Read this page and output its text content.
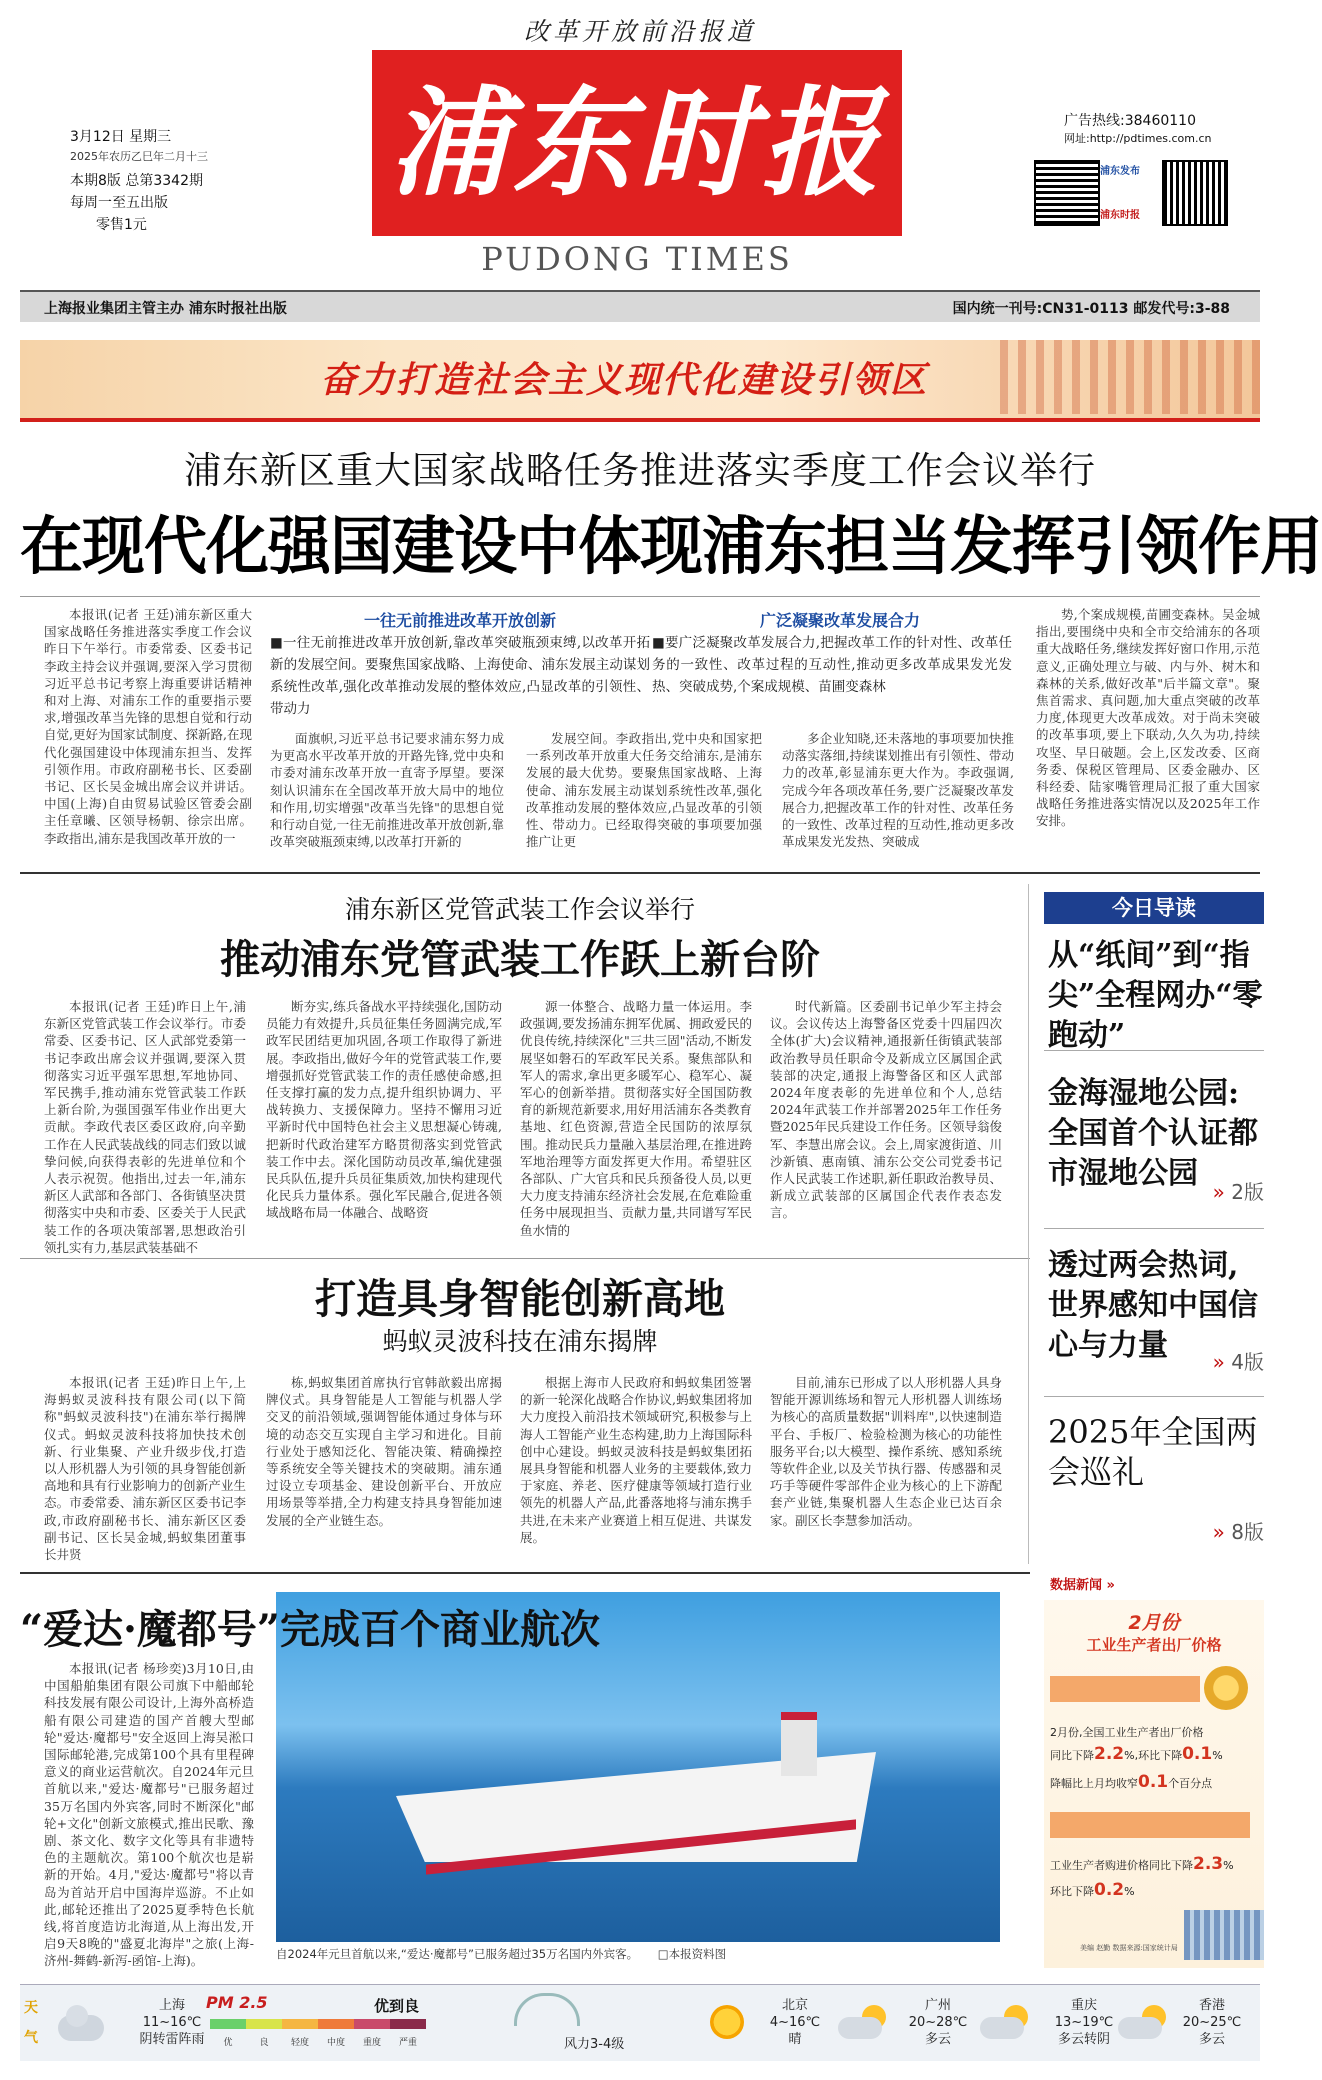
改革开放前沿报道
浦东时报
PUDONG TIMES
3月12日 星期三
2025年农历乙巳年二月十三
本期8版 总第3342期
每周一至五出版
零售1元
广告热线:38460110
网址:http://pdtimes.com.cn
浦东发布
浦东时报
上海报业集团主管主办 浦东时报社出版	国内统一刊号:CN31-0113 邮发代号:3-88
奋力打造社会主义现代化建设引领区
浦东新区重大国家战略任务推进落实季度工作会议举行
在现代化强国建设中体现浦东担当发挥引领作用

本报讯(记者 王廷)浦东新区重大国家战略任务推进落实季度工作会议昨日下午举行。市委常委、区委书记李政主持会议并强调,要深入学习贯彻习近平总书记考察上海重要讲话精神和对上海、对浦东工作的重要指示要求,增强改革当先锋的思想自觉和行动自觉,更好为国家试制度、探新路,在现代化强国建设中体现浦东担当、发挥引领作用。市政府副秘书长、区委副书记、区长吴金城出席会议并讲话。中国(上海)自由贸易试验区管委会副主任章曦、区领导杨朝、徐宗出席。李政指出,浦东是我国改革开放的一

一往无前推进改革开放创新
■一往无前推进改革开放创新,靠改革突破瓶颈束缚,以改革开拓新的发展空间。要聚焦国家战略、上海使命、浦东发展主动谋划系统性改革,强化改革推动发展的整体效应,凸显改革的引领性、带动力

面旗帜,习近平总书记要求浦东努力成为更高水平改革开放的开路先锋,党中央和市委对浦东改革开放一直寄予厚望。要深刻认识浦东在全国改革开放大局中的地位和作用,切实增强"改革当先锋"的思想自觉和行动自觉,一往无前推进改革开放创新,靠改革突破瓶颈束缚,以改革打开新的

发展空间。李政指出,党中央和国家把一系列改革开放重大任务交给浦东,是浦东发展的最大优势。要聚焦国家战略、上海使命、浦东发展主动谋划系统性改革,强化改革推动发展的整体效应,凸显改革的引领性、带动力。已经取得突破的事项要加强推广让更

广泛凝聚改革发展合力
■要广泛凝聚改革发展合力,把握改革工作的针对性、改革任务的一致性、改革过程的互动性,推动更多改革成果发光发热、突破成势,个案成规模、苗圃变森林

多企业知晓,还未落地的事项要加快推动落实落细,持续谋划推出有引领性、带动力的改革,彰显浦东更大作为。李政强调,完成今年各项改革任务,要广泛凝聚改革发展合力,把握改革工作的针对性、改革任务的一致性、改革过程的互动性,推动更多改革成果发光发热、突破成

势,个案成规模,苗圃变森林。吴金城指出,要围绕中央和全市交给浦东的各项重大战略任务,继续发挥好窗口作用,示范意义,正确处理立与破、内与外、树木和森林的关系,做好改革"后半篇文章"。聚焦首需求、真问题,加大重点突破的改革力度,体现更大改革成效。对于尚未突破的改革事项,要上下联动,久久为功,持续攻坚、早日破题。会上,区发改委、区商务委、保税区管理局、区委金融办、区科经委、陆家嘴管理局汇报了重大国家战略任务推进落实情况以及2025年工作安排。

浦东新区党管武装工作会议举行
推动浦东党管武装工作跃上新台阶

本报讯(记者 王廷)昨日上午,浦东新区党管武装工作会议举行。市委常委、区委书记、区人武部党委第一书记李政出席会议并强调,要深入贯彻落实习近平强军思想,军地协同、军民携手,推动浦东党管武装工作跃上新台阶,为强国强军伟业作出更大贡献。李政代表区委区政府,向辛勤工作在人民武装战线的同志们致以诚挚问候,向获得表彰的先进单位和个人表示祝贺。他指出,过去一年,浦东新区人武部和各部门、各街镇坚决贯彻落实中央和市委、区委关于人民武装工作的各项决策部署,思想政治引领扎实有力,基层武装基础不

断夯实,练兵备战水平持续强化,国防动员能力有效提升,兵员征集任务圆满完成,军政军民团结更加巩固,各项工作取得了新进展。李政指出,做好今年的党管武装工作,要增强抓好党管武装工作的责任感使命感,担任支撑打赢的发力点,提升组织协调力、平战转换力、支援保障力。坚持不懈用习近平新时代中国特色社会主义思想凝心铸魂,把新时代政治建军方略贯彻落实到党管武装工作中去。深化国防动员改革,编优建强民兵队伍,提升兵员征集质效,加快构建现代化民兵力量体系。强化军民融合,促进各领域战略布局一体融合、战略资

源一体整合、战略力量一体运用。李政强调,要发扬浦东拥军优属、拥政爱民的优良传统,持续深化"三共三固"活动,不断发展坚如磐石的军政军民关系。聚焦部队和军人的需求,拿出更多暖军心、稳军心、凝军心的创新举措。贯彻落实好全国国防教育的新规范新要求,用好用活浦东各类教育基地、红色资源,营造全民国防的浓厚氛围。推动民兵力量融入基层治理,在推进跨军地治理等方面发挥更大作用。希望驻区各部队、广大官兵和民兵预备役人员,以更大力度支持浦东经济社会发展,在危难险重任务中展现担当、贡献力量,共同谱写军民鱼水情的

时代新篇。区委副书记单少军主持会议。会议传达上海警备区党委十四届四次全体(扩大)会议精神,通报新任街镇武装部政治教导员任职命令及新成立区属国企武装部的决定,通报上海警备区和区人武部2024年度表彰的先进单位和个人,总结2024年武装工作并部署2025年工作任务暨2025年民兵建设工作任务。区领导翁俊军、李慧出席会议。会上,周家渡街道、川沙新镇、惠南镇、浦东公交公司党委书记作人民武装工作述职,新任职政治教导员、新成立武装部的区属国企代表作表态发言。

打造具身智能创新高地
蚂蚁灵波科技在浦东揭牌

本报讯(记者 王廷)昨日上午,上海蚂蚁灵波科技有限公司(以下简称"蚂蚁灵波科技")在浦东举行揭牌仪式。蚂蚁灵波科技将加快技术创新、行业集聚、产业升级步伐,打造以人形机器人为引领的具身智能创新高地和具有行业影响力的创新产业生态。市委常委、浦东新区区委书记李政,市政府副秘书长、浦东新区区委副书记、区长吴金城,蚂蚁集团董事长井贤

栋,蚂蚁集团首席执行官韩歆毅出席揭牌仪式。具身智能是人工智能与机器人学交叉的前沿领域,强调智能体通过身体与环境的动态交互实现自主学习和进化。目前行业处于感知泛化、智能决策、精确操控等系统安全等关键技术的突破期。浦东通过设立专项基金、建设创新平台、开放应用场景等举措,全力构建支持具身智能加速发展的全产业链生态。

根据上海市人民政府和蚂蚁集团签署的新一轮深化战略合作协议,蚂蚁集团将加大力度投入前沿技术领域研究,积极参与上海人工智能产业生态构建,助力上海国际科创中心建设。蚂蚁灵波科技是蚂蚁集团拓展具身智能和机器人业务的主要载体,致力于家庭、养老、医疗健康等领域打造行业领先的机器人产品,此番落地将与浦东携手共进,在未来产业赛道上相互促进、共谋发展。

目前,浦东已形成了以人形机器人具身智能开源训练场和智元人形机器人训练场为核心的高质量数据"训料库",以快速制造平台、手板厂、检验检测为核心的功能性服务平台;以大模型、操作系统、感知系统等软件企业,以及关节执行器、传感器和灵巧手等硬件零部件企业为核心的上下游配套产业链,集聚机器人生态企业已达百余家。副区长李慧参加活动。

“爱达·魔都号”完成百个商业航次

本报讯(记者 杨珍奕)3月10日,由中国船舶集团有限公司旗下中船邮轮科技发展有限公司设计,上海外高桥造船有限公司建造的国产首艘大型邮轮"爱达·魔都号"安全返回上海吴淞口国际邮轮港,完成第100个具有里程碑意义的商业运营航次。自2024年元旦首航以来,"爱达·魔都号"已服务超过35万名国内外宾客,同时不断深化"邮轮+文化"创新文旅模式,推出民歌、豫剧、茶文化、数字文化等具有非遗特色的主题航次。第100个航次也是崭新的开始。4月,"爱达·魔都号"将以青岛为首站开启中国海岸巡游。不止如此,邮轮还推出了2025夏季特色长航线,将首度造访北海道,从上海出发,开启9天8晚的"盛夏北海岸"之旅(上海-济州-舞鹤-新泻-函馆-上海)。	自2024年元旦首航以来,“爱达·魔都号”已服务超过35万名国内外宾客。 □本报资料图
今日导读
从“纸间”到“指尖”全程网办“零跑动”
金海湿地公园:全国首个认证都市湿地公园
» 2版
透过两会热词,世界感知中国信心与力量	» 4版
2025年全国两会巡礼
» 8版
数据新闻 »
2月份
工业生产者出厂价格
2月份,全国工业生产者出厂价格
同比下降2.2%,环比下降0.1%
降幅比上月均收窄0.1个百分点
工业生产者购进价格同比下降2.3%
环比下降0.2%
美编 赵勤 数据来源:国家统计局
天气
上海
11~16℃
阴转雷阵雨
PM 2.5	优到良
优	良	轻度	中度	重度	严重	风力3-4级
北京
4~16℃
晴
广州
20~28℃
多云
重庆
13~19℃
多云转阴
香港
20~25℃
多云
